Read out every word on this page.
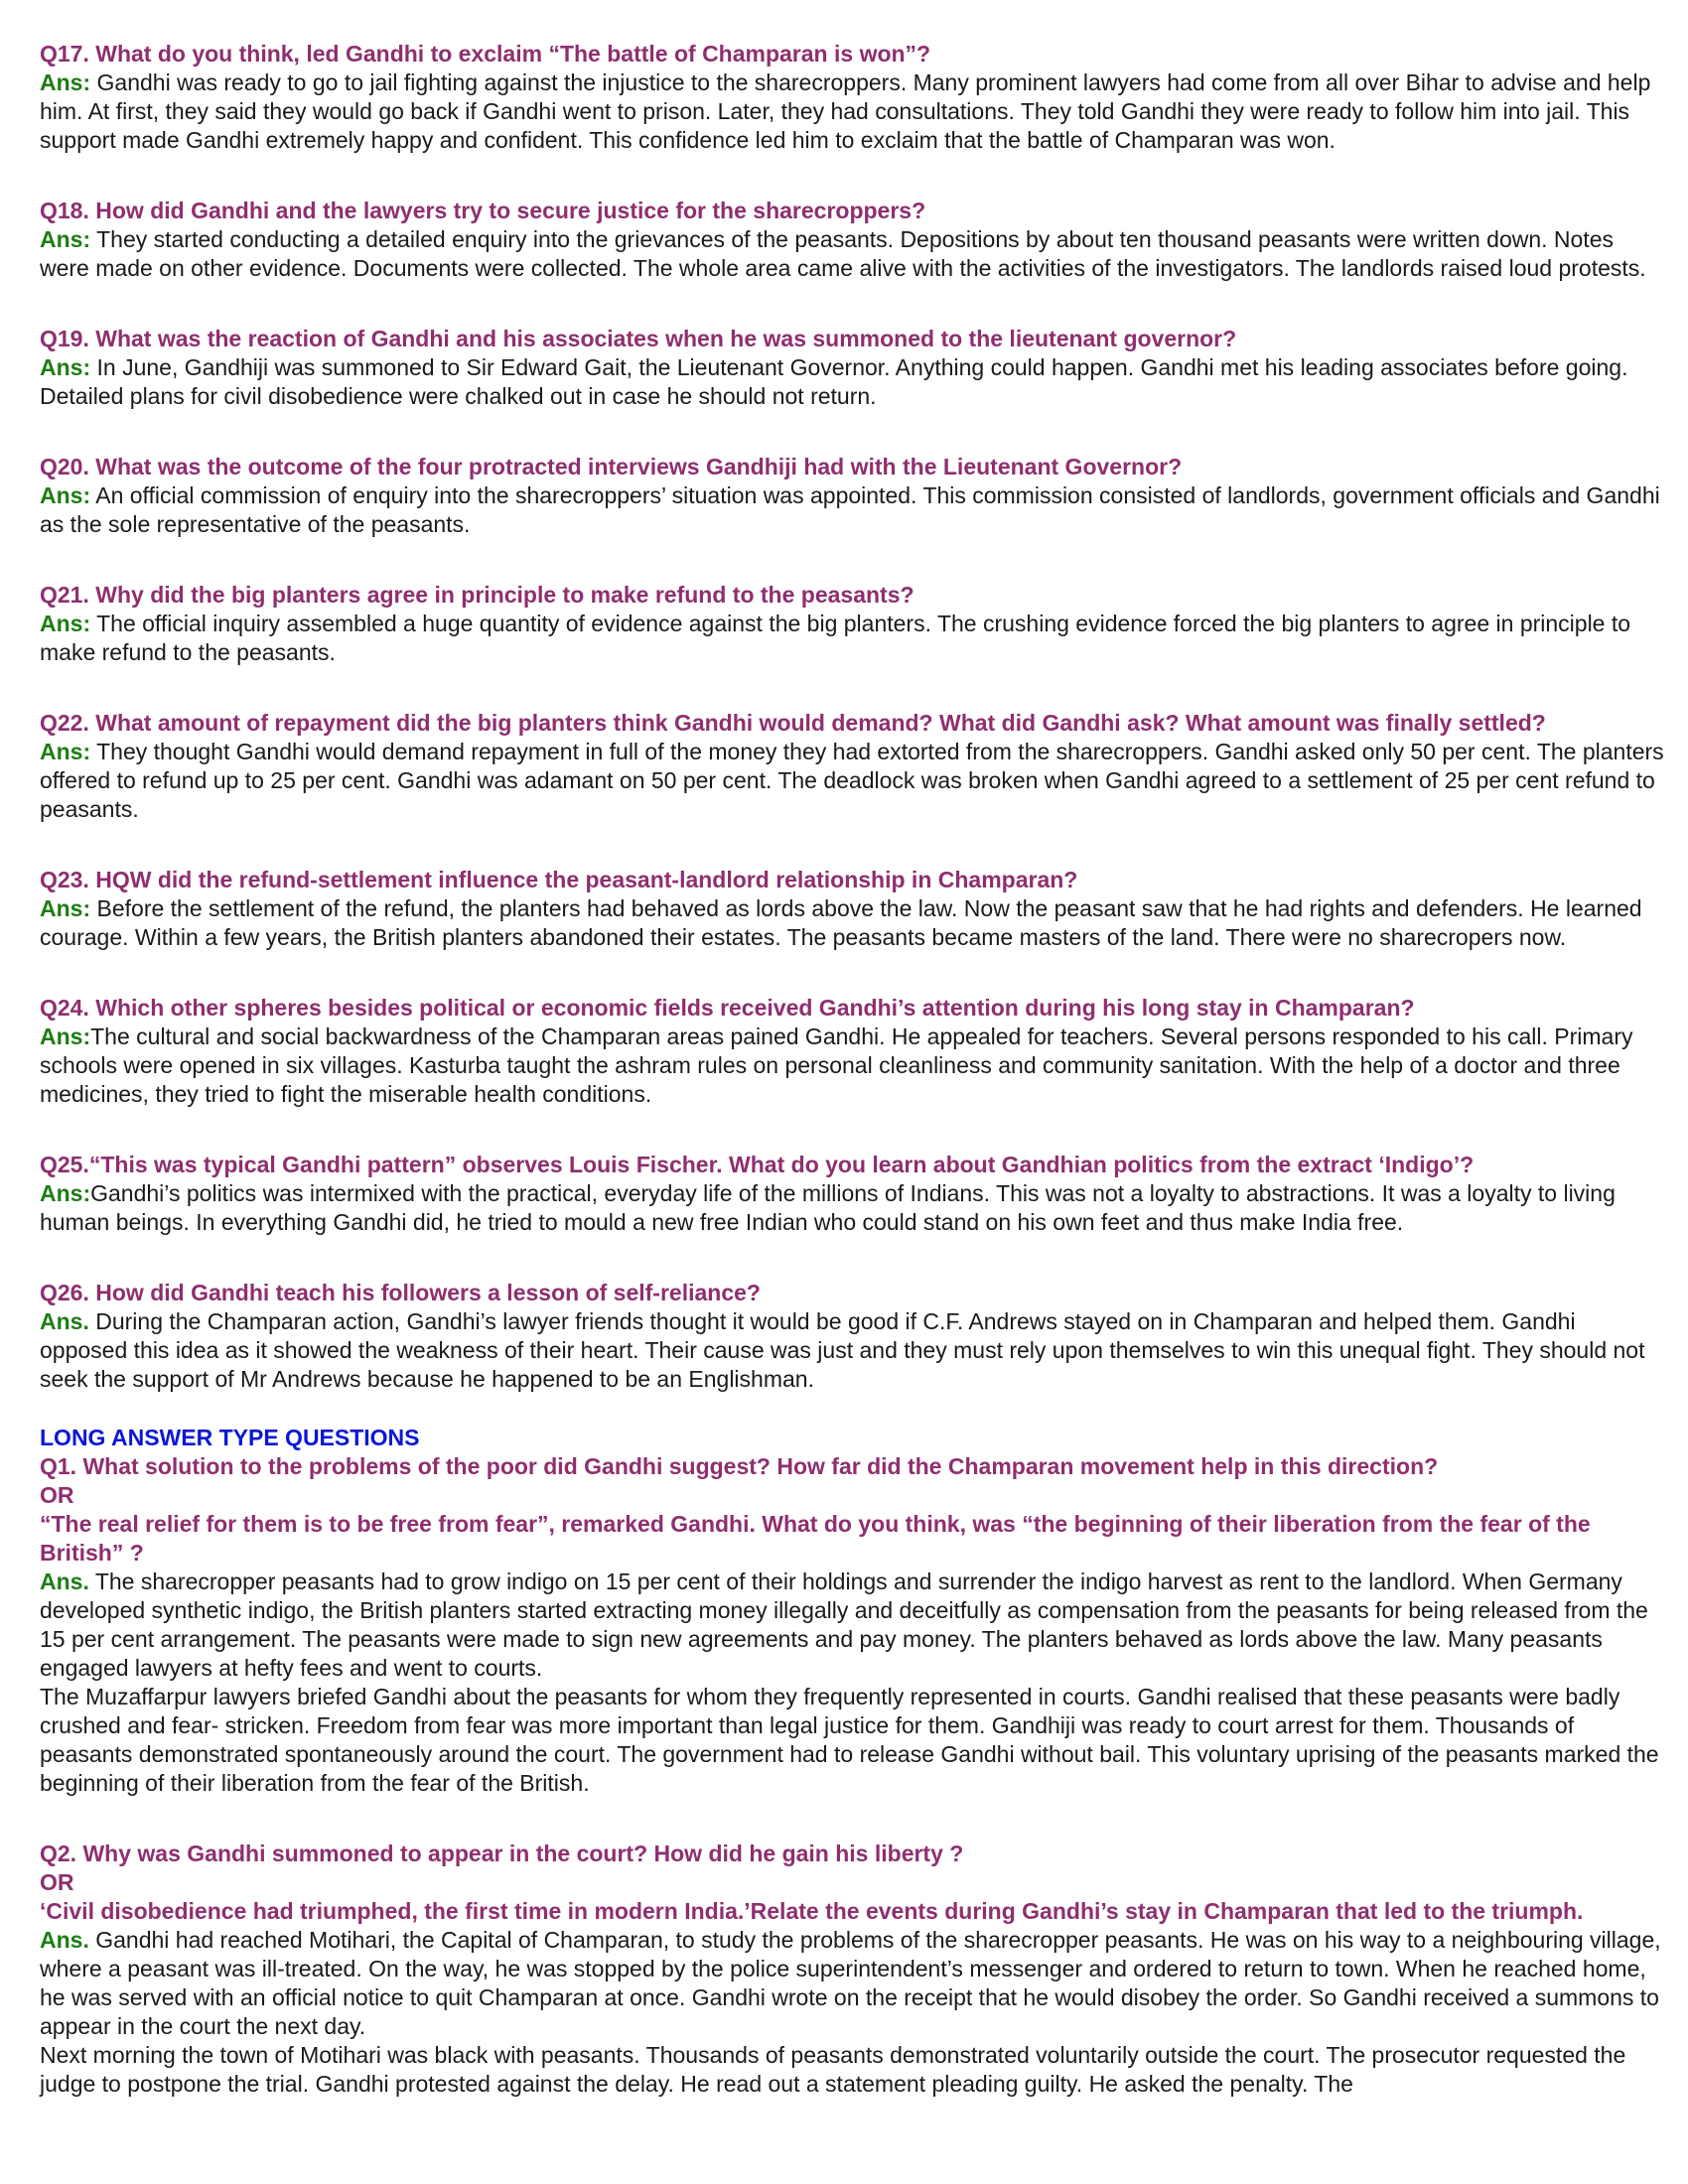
Q17. What do you think, led Gandhi to exclaim “The battle of Champaran is won”?

Ans: Gandhi was ready to go to jail fighting against the injustice to the sharecroppers. Many prominent lawyers had come from all over Bihar to advise and help him. At first, they said they would go back if Gandhi went to prison. Later, they had consultations. They told Gandhi they were ready to follow him into jail. This support made Gandhi extremely happy and confident. This confidence led him to exclaim that the battle of Champaran was won.

Q18. How did Gandhi and the lawyers try to secure justice for the sharecroppers?

Ans: They started conducting a detailed enquiry into the grievances of the peasants. Depositions by about ten thousand peasants were written down. Notes were made on other evidence. Documents were collected. The whole area came alive with the activities of the investigators. The landlords raised loud protests.

Q19. What was the reaction of Gandhi and his associates when he was summoned to the lieutenant governor?

Ans: In June, Gandhiji was summoned to Sir Edward Gait, the Lieutenant Governor. Anything could happen. Gandhi met his leading associates before going. Detailed plans for civil disobedience were chalked out in case he should not return.

Q20. What was the outcome of the four protracted interviews Gandhiji had with the Lieutenant Governor?

Ans: An official commission of enquiry into the sharecroppers’ situation was appointed. This commission consisted of landlords, government officials and Gandhi as the sole representative of the peasants.

Q21. Why did the big planters agree in principle to make refund to the peasants?

Ans: The official inquiry assembled a huge quantity of evidence against the big planters. The crushing evidence forced the big planters to agree in principle to make refund to the peasants.

Q22. What amount of repayment did the big planters think Gandhi would demand? What did Gandhi ask? What amount was finally settled?

Ans: They thought Gandhi would demand repayment in full of the money they had extorted from the sharecroppers. Gandhi asked only 50 per cent. The planters offered to refund up to 25 per cent. Gandhi was adamant on 50 per cent. The deadlock was broken when Gandhi agreed to a settlement of 25 per cent refund to peasants.

Q23. HQW did the refund-settlement influence the peasant-landlord relationship in Champaran?

Ans: Before the settlement of the refund, the planters had behaved as lords above the law. Now the peasant saw that he had rights and defenders. He learned courage. Within a few years, the British planters abandoned their estates. The peasants became masters of the land. There were no sharecropers now.

Q24. Which other spheres besides political or economic fields received Gandhi’s attention during his long stay in Champaran?

Ans:The cultural and social backwardness of the Champaran areas pained Gandhi. He appealed for teachers. Several persons responded to his call. Primary schools were opened in six villages. Kasturba taught the ashram rules on personal cleanliness and community sanitation. With the help of a doctor and three medicines, they tried to fight the miserable health conditions.

Q25.“This was typical Gandhi pattern” observes Louis Fischer. What do you learn about Gandhian politics from the extract ‘Indigo’?

Ans:Gandhi’s politics was intermixed with the practical, everyday life of the millions of Indians. This was not a loyalty to abstractions. It was a loyalty to living human beings. In everything Gandhi did, he tried to mould a new free Indian who could stand on his own feet and thus make India free.

Q26. How did Gandhi teach his followers a lesson of self-reliance?

Ans. During the Champaran action, Gandhi’s lawyer friends thought it would be good if C.F. Andrews stayed on in Champaran and helped them. Gandhi opposed this idea as it showed the weakness of their heart. Their cause was just and they must rely upon themselves to win this unequal fight. They should not seek the support of Mr Andrews because he happened to be an Englishman.

LONG ANSWER TYPE QUESTIONS

Q1. What solution to the problems of the poor did Gandhi suggest? How far did the Champaran movement help in this direction?

OR

“The real relief for them is to be free from fear”, remarked Gandhi. What do you think, was “the beginning of their liberation from the fear of the British” ?

Ans. The sharecropper peasants had to grow indigo on 15 per cent of their holdings and surrender the indigo harvest as rent to the landlord. When Germany developed synthetic indigo, the British planters started extracting money illegally and deceitfully as compensation from the peasants for being released from the 15 per cent arrangement. The peasants were made to sign new agreements and pay money. The planters behaved as lords above the law. Many peasants engaged lawyers at hefty fees and went to courts.

The Muzaffarpur lawyers briefed Gandhi about the peasants for whom they frequently represented in courts. Gandhi realised that these peasants were badly crushed and fear- stricken. Freedom from fear was more important than legal justice for them. Gandhiji was ready to court arrest for them. Thousands of peasants demonstrated spontaneously around the court. The government had to release Gandhi without bail. This voluntary uprising of the peasants marked the beginning of their liberation from the fear of the British.

Q2. Why was Gandhi summoned to appear in the court? How did he gain his liberty ?

OR

‘Civil disobedience had triumphed, the first time in modern India.’Relate the events during Gandhi’s stay in Champaran that led to the triumph.

Ans. Gandhi had reached Motihari, the Capital of Champaran, to study the problems of the sharecropper peasants. He was on his way to a neighbouring village, where a peasant was ill-treated. On the way, he was stopped by the police superintendent’s messenger and ordered to return to town. When he reached home, he was served with an official notice to quit Champaran at once. Gandhi wrote on the receipt that he would disobey the order. So Gandhi received a summons to appear in the court the next day.

Next morning the town of Motihari was black with peasants. Thousands of peasants demonstrated voluntarily outside the court. The prosecutor requested the judge to postpone the trial. Gandhi protested against the delay. He read out a statement pleading guilty. He asked the penalty. The
